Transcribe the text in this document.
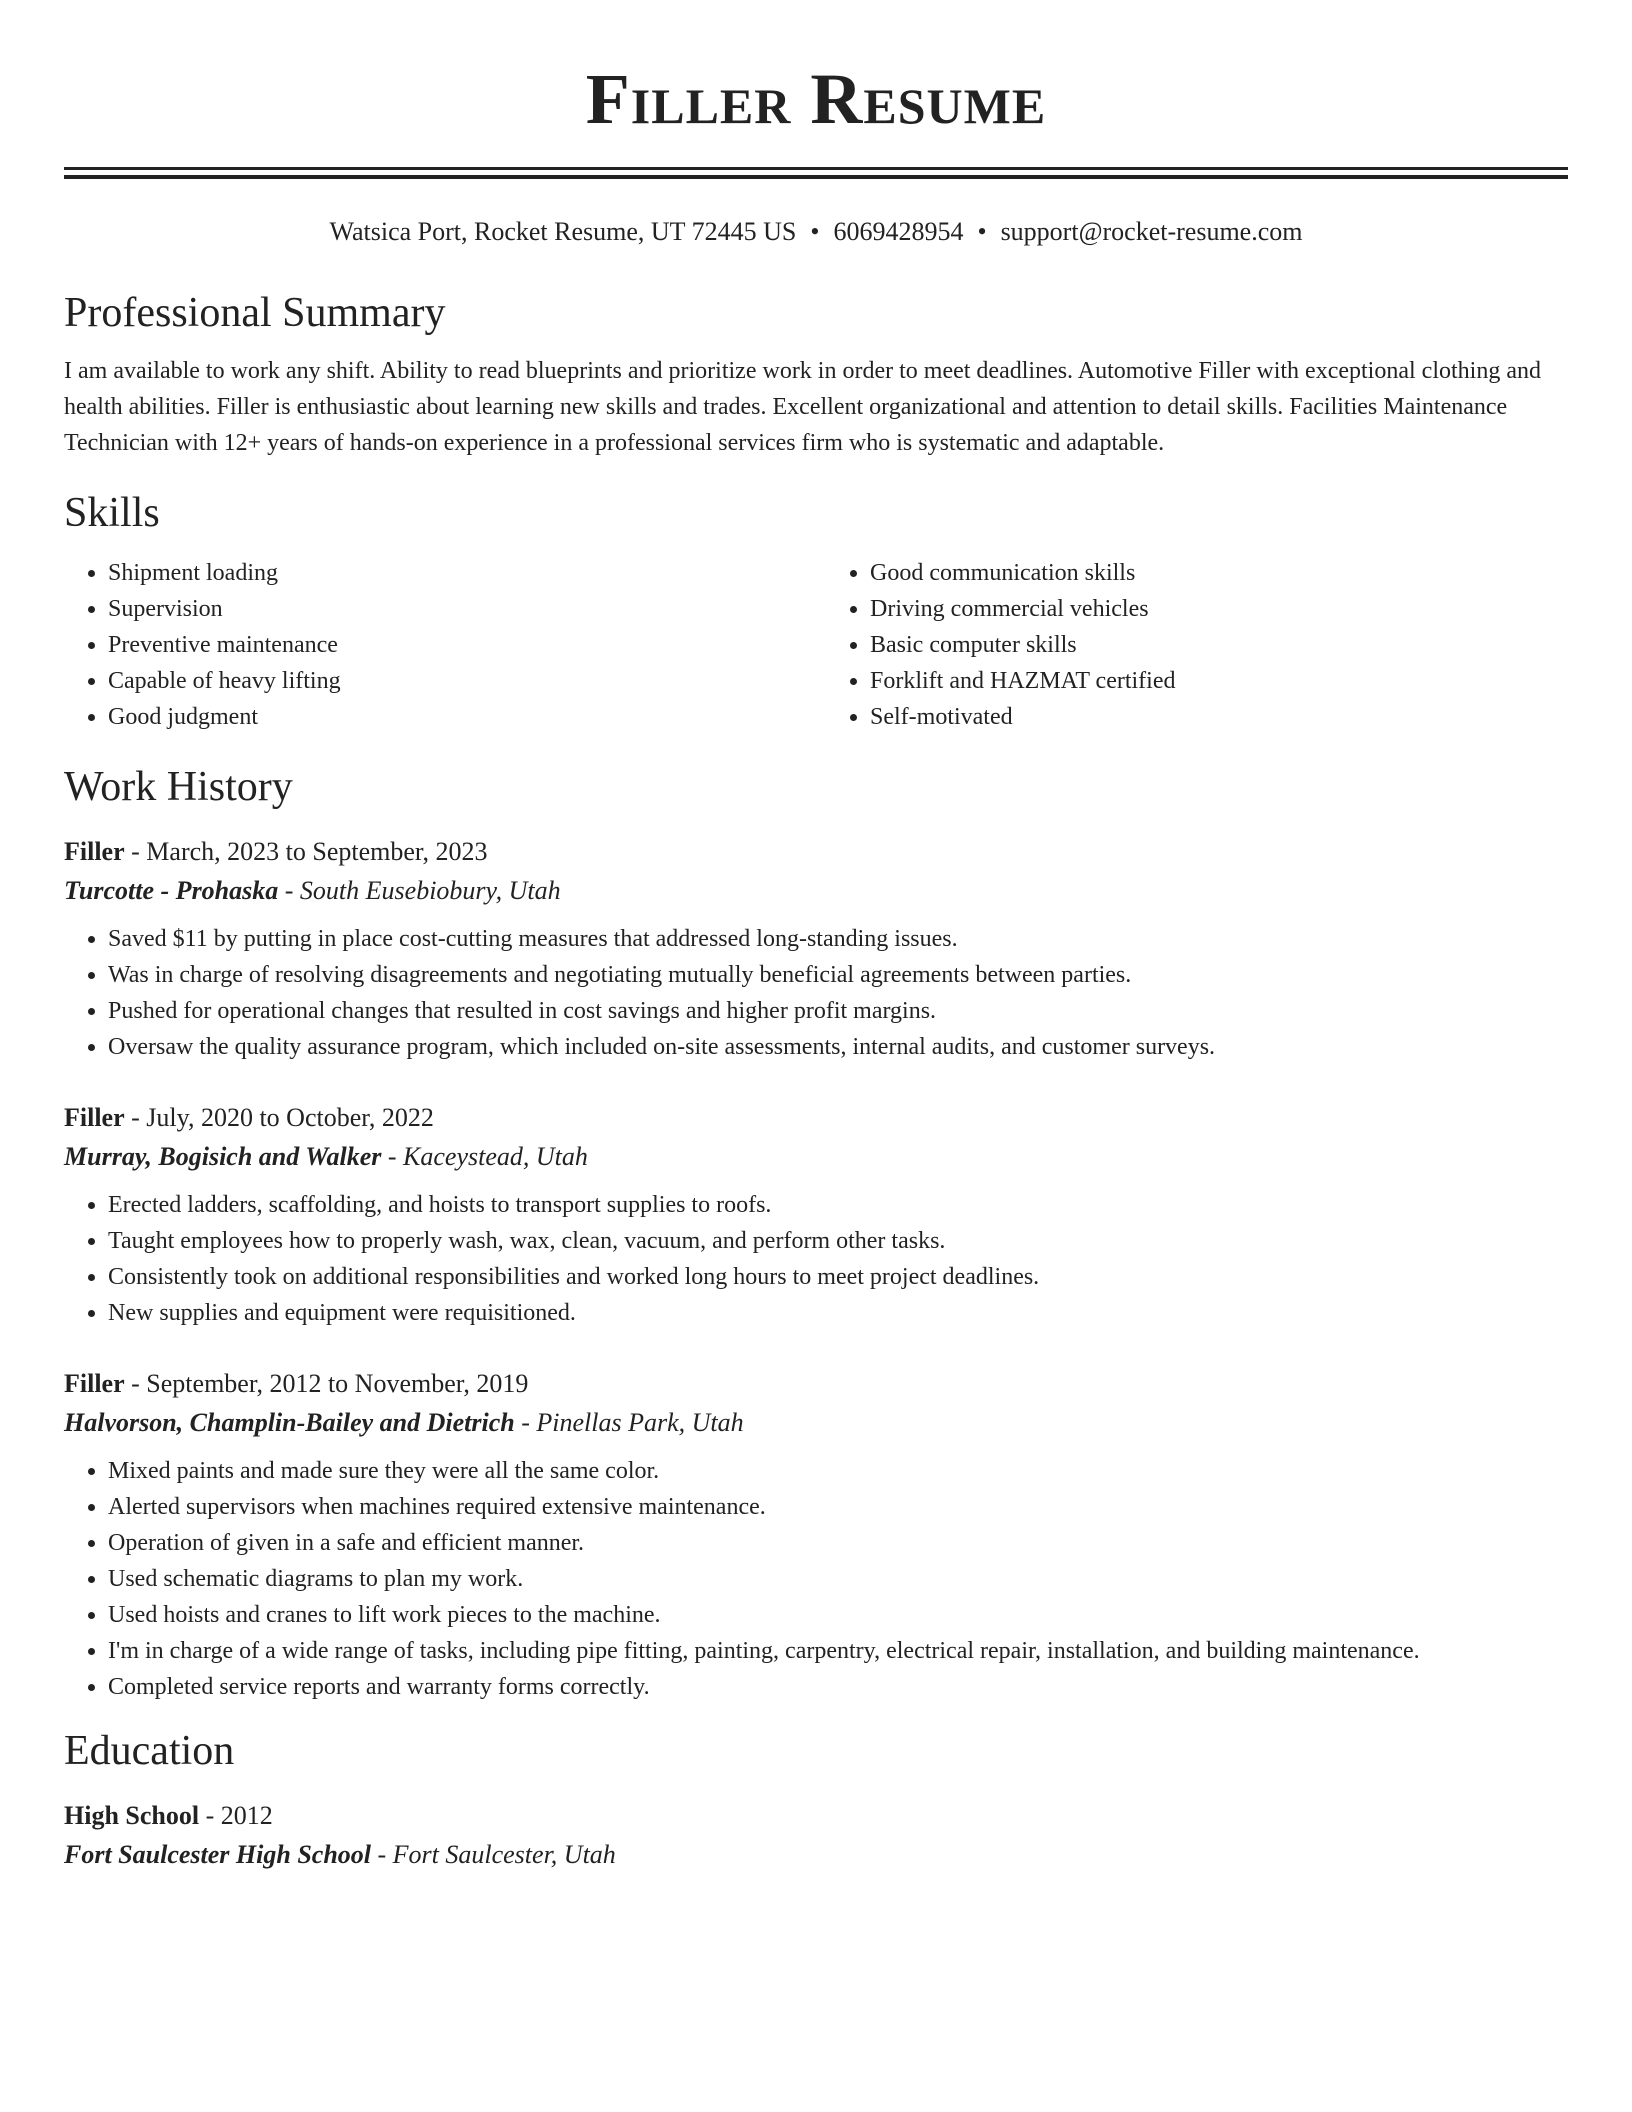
Filler Resume
Watsica Port, Rocket Resume, UT 72445 US • 6069428954 • support@rocket-resume.com
Professional Summary

I am available to work any shift. Ability to read blueprints and prioritize work in order to meet deadlines. Automotive Filler with exceptional clothing and health abilities. Filler is enthusiastic about learning new skills and trades. Excellent organizational and attention to detail skills. Facilities Maintenance Technician with 12+ years of hands-on experience in a professional services firm who is systematic and adaptable.

Skills
• Shipment loading
• Supervision
• Preventive maintenance
• Capable of heavy lifting
• Good judgment
• Good communication skills
• Driving commercial vehicles
• Basic computer skills
• Forklift and HAZMAT certified
• Self-motivated
Work History
Filler - March, 2023 to September, 2023
Turcotte - Prohaska - South Eusebiobury, Utah
• Saved $11 by putting in place cost-cutting measures that addressed long-standing issues.
• Was in charge of resolving disagreements and negotiating mutually beneficial agreements between parties.
• Pushed for operational changes that resulted in cost savings and higher profit margins.
• Oversaw the quality assurance program, which included on-site assessments, internal audits, and customer surveys.
Filler - July, 2020 to October, 2022
Murray, Bogisich and Walker - Kaceystead, Utah
• Erected ladders, scaffolding, and hoists to transport supplies to roofs.
• Taught employees how to properly wash, wax, clean, vacuum, and perform other tasks.
• Consistently took on additional responsibilities and worked long hours to meet project deadlines.
• New supplies and equipment were requisitioned.
Filler - September, 2012 to November, 2019
Halvorson, Champlin-Bailey and Dietrich - Pinellas Park, Utah
• Mixed paints and made sure they were all the same color.
• Alerted supervisors when machines required extensive maintenance.
• Operation of given in a safe and efficient manner.
• Used schematic diagrams to plan my work.
• Used hoists and cranes to lift work pieces to the machine.
• I'm in charge of a wide range of tasks, including pipe fitting, painting, carpentry, electrical repair, installation, and building maintenance.
• Completed service reports and warranty forms correctly.
Education
High School - 2012
Fort Saulcester High School - Fort Saulcester, Utah
